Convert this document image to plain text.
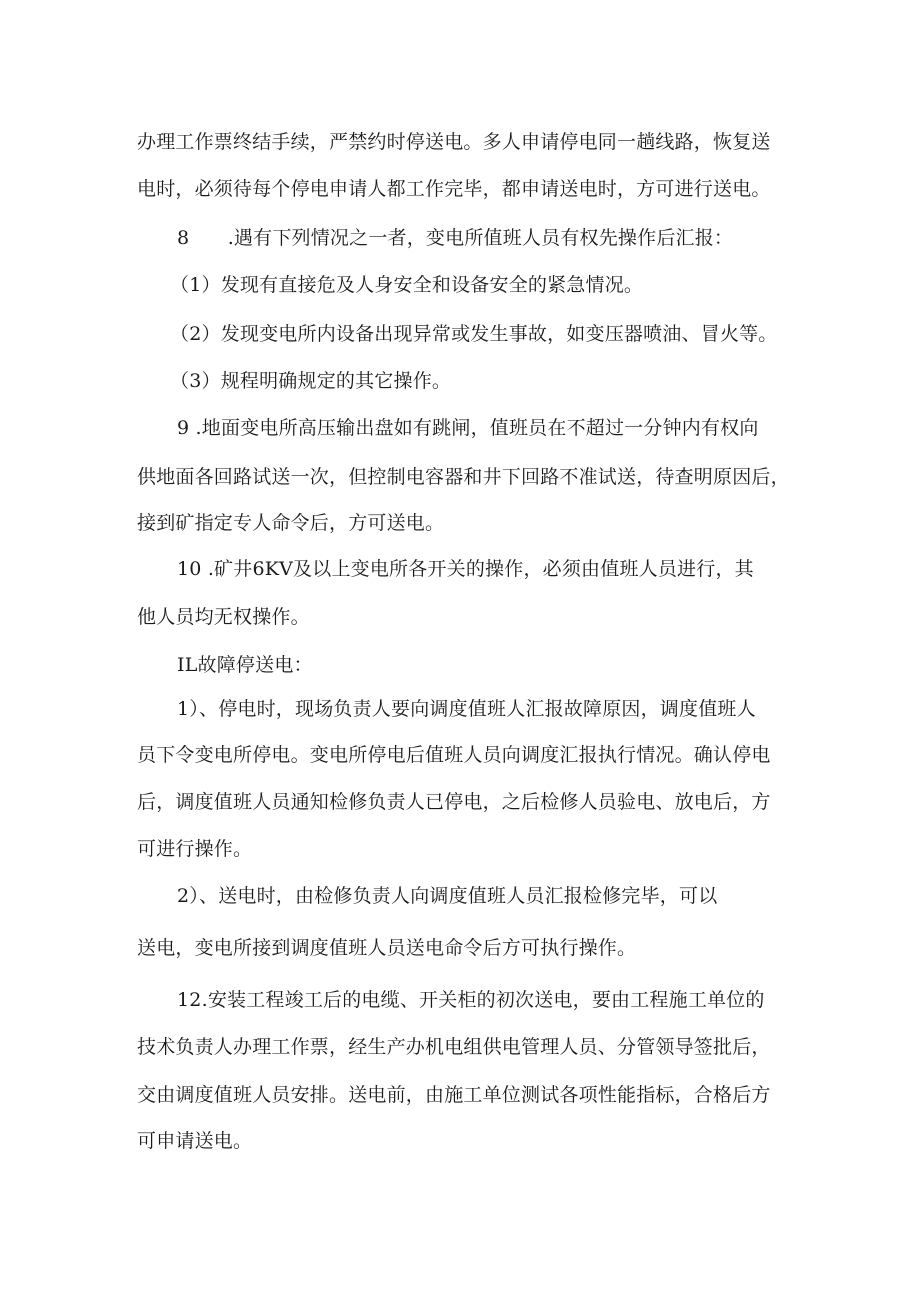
办理工作票终结手续，严禁约时停送电。多人申请停电同一趟线路，恢复送
电时，必须待每个停电申请人都工作完毕，都申请送电时，方可进行送电。
8　　.遇有下列情况之一者，变电所值班人员有权先操作后汇报：
（1）发现有直接危及人身安全和设备安全的紧急情况。
（2）发现变电所内设备出现异常或发生事故，如变压器喷油、冒火等。
（3）规程明确规定的其它操作。
9 .地面变电所高压输出盘如有跳闸，值班员在不超过一分钟内有权向
供地面各回路试送一次，但控制电容器和井下回路不准试送，待查明原因后，
接到矿指定专人命令后，方可送电。
10 .矿井6KV及以上变电所各开关的操作，必须由值班人员进行，其
他人员均无权操作。
IL故障停送电：
1）、停电时，现场负责人要向调度值班人汇报故障原因，调度值班人
员下令变电所停电。变电所停电后值班人员向调度汇报执行情况。确认停电
后，调度值班人员通知检修负责人已停电，之后检修人员验电、放电后，方
可进行操作。
2）、送电时，由检修负责人向调度值班人员汇报检修完毕，可以
送电，变电所接到调度值班人员送电命令后方可执行操作。
12.安装工程竣工后的电缆、开关柜的初次送电，要由工程施工单位的
技术负责人办理工作票，经生产办机电组供电管理人员、分管领导签批后，
交由调度值班人员安排。送电前，由施工单位测试各项性能指标，合格后方
可申请送电。
